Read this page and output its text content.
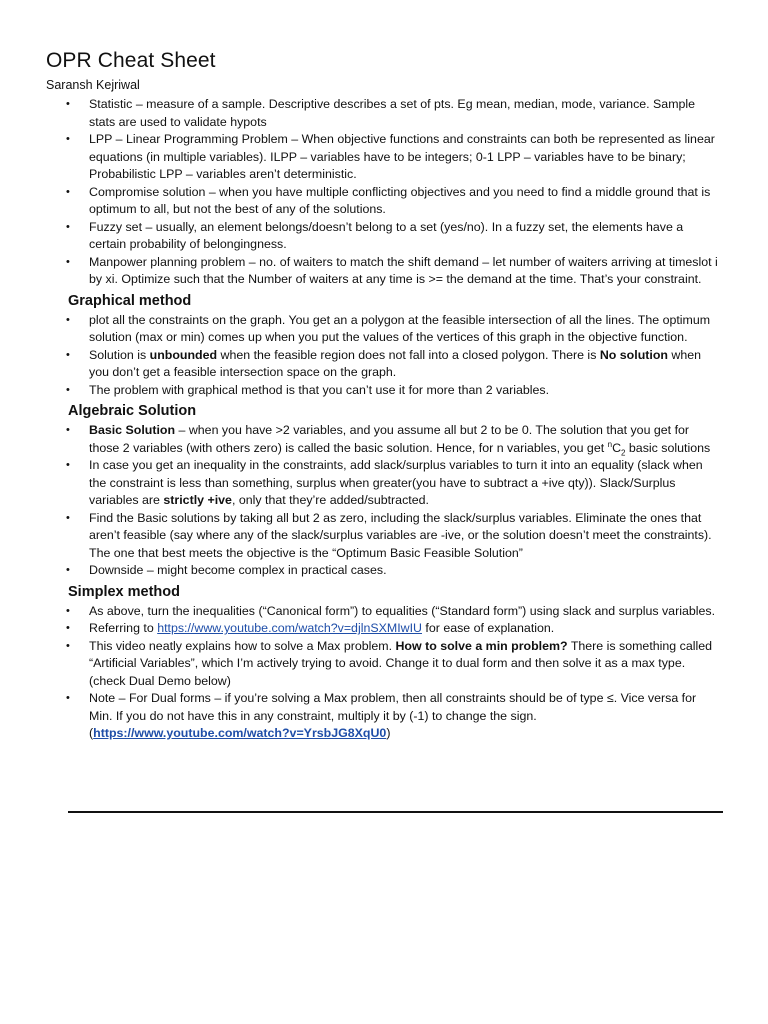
OPR Cheat Sheet
Saransh Kejriwal
• Statistic – measure of a sample. Descriptive describes a set of pts. Eg mean, median, mode, variance. Sample stats are used to validate hypots
• LPP – Linear Programming Problem – When objective functions and constraints can both be represented as linear equations (in multiple variables). ILPP – variables have to be integers; 0-1 LPP – variables have to be binary; Probabilistic LPP – variables aren’t deterministic.
• Compromise solution – when you have multiple conflicting objectives and you need to find a middle ground that is optimum to all, but not the best of any of the solutions.
• Fuzzy set – usually, an element belongs/doesn’t belong to a set (yes/no). In a fuzzy set, the elements have a certain probability of belongingness.
• Manpower planning problem – no. of waiters to match the shift demand – let number of waiters arriving at timeslot i by xi. Optimize such that the Number of waiters at any time is >= the demand at the time. That’s your constraint.
Graphical method
• plot all the constraints on the graph. You get an a polygon at the feasible intersection of all the lines. The optimum solution (max or min) comes up when you put the values of the vertices of this graph in the objective function.
• Solution is unbounded when the feasible region does not fall into a closed polygon. There is No solution when you don’t get a feasible intersection space on the graph.
• The problem with graphical method is that you can’t use it for more than 2 variables.
Algebraic Solution
• Basic Solution – when you have >2 variables, and you assume all but 2 to be 0. The solution that you get for those 2 variables (with others zero) is called the basic solution. Hence, for n variables, you get $^nC_2$ basic solutions
• In case you get an inequality in the constraints, add slack/surplus variables to turn it into an equality (slack when the constraint is less than something, surplus when greater(you have to subtract a +ive qty)). Slack/Surplus variables are strictly +ive, only that they’re added/subtracted.
• Find the Basic solutions by taking all but 2 as zero, including the slack/surplus variables. Eliminate the ones that aren’t feasible (say where any of the slack/surplus variables are -ive, or the solution doesn’t meet the constraints). The one that best meets the objective is the “Optimum Basic Feasible Solution”
• Downside – might become complex in practical cases.
Simplex method
• As above, turn the inequalities (“Canonical form”) to equalities (“Standard form”) using slack and surplus variables.
• Referring to https://www.youtube.com/watch?v=djlnSXMIwIU for ease of explanation.
• This video neatly explains how to solve a Max problem. How to solve a min problem? There is something called “Artificial Variables”, which I’m actively trying to avoid. Change it to dual form and then solve it as a max type. (check Dual Demo below)
• Note – For Dual forms – if you’re solving a Max problem, then all constraints should be of type ≤. Vice versa for Min. If you do not have this in any constraint, multiply it by (-1) to change the sign. (https://www.youtube.com/watch?v=YrsbJG8XqU0)
